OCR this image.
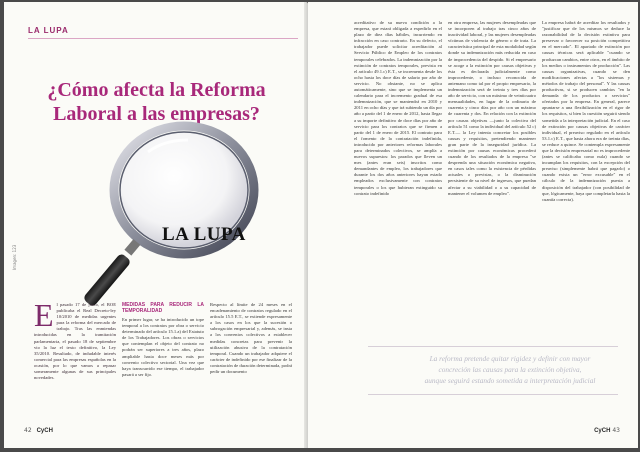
LA LUPA
¿Cómo afecta la Reforma Laboral a las empresas?
Imagen: 123
LA LUPA
E l pasado 17 de junio, el BOE publicaba el Real Decreto-ley 10/2010 de medidas urgentes para la reforma del mercado de trabajo. Tras las enmiendas introducidas en la tramitación parlamentaria, el pasado 18 de septiembre vio la luz el texto definitivo, la Ley 35/2010. Resultado, de indudable interés comercial para las empresas españolas en la ocasión, por lo que vamos a repasar someramente algunas de sus principales novedades.
MEDIDAS PARA REDUCIR LA TEMPORALIDAD
En primer lugar, se ha introducido un tope temporal a los contratos por obra o servicio determinado del artículo 15.1.a) del Estatuto de los Trabajadores. Los obras o servicios que contemplan el objeto del contrato no podrán ser superiores a tres años, plazo ampliable hasta doce meses más por convenio colectivo sectorial. Una vez que haya transcurrido ese tiempo, el trabajador pasará a ser fijo.
Respecto al límite de 24 meses en el encadenamiento de contratos regulado en el artículo 15.5 E.T., se extiende expresamente a los casos en los que la sucesión o subrogación empresarial y, además, se insta a los convenios colectivos a establecer medidas concretas para prevenir la utilización abusiva de la contratación temporal. Cuando un trabajador adquiere el carácter de indefinido por ese finalizar de la contratación de duración determinada, podrá pedir un documento
42 CyCH
acreditativo de su nueva condición a la empresa, que estará obligada a expedirlo en el plazo de diez días hábiles, incurriendo en infracción en caso contrario. En su defecto, el trabajador puede solicitar acreditación al Servicio Público de Empleo de los contratos temporales celebrados. La indemnización por la extinción de contratos temporales, prevista en el artículo 49.1.c) E.T., se incrementa desde los ocho hasta los doce días de salario por año de servicio. No obstante, no se aplica automáticamente, sino que se implementa un calendario para el incremento gradual de esa indemnización, que se mantendrá en 2010 y 2011 en ocho días y que irá subiendo un día por año a partir del 1 de enero de 2012, hasta llegar a su importe definitivo de doce días por año de servicio para los contratos que se firmen a partir del 1 de enero de 2015. El contrato para el fomento de la contratación indefinida, introducido por anteriores reformas laborales para determinados colectivos, se amplía a nuevos supuestos: los parados que lleven un mes (antes eran seis) inscritos como demandantes de empleo, los trabajadores que durante los dos años anteriores hayan estado empleados exclusivamente con contratos temporales o los que hubieran extinguido su contrato indefinido
en otra empresa, las mujeres desempleadas que se incorporen al trabajo tras cinco años de inactividad laboral, y las mujeres desempleadas víctimas de violencia de género o de trata. La característica principal de esta modalidad según donde su indemnización más reducida en caso de improcedencia del despido. Si el empresario se acoge a la extinción por causas objetivas y ésta es declarada judicialmente como improcedente, o incluso reconocida de antemano como tal por el propio empresario, la indemnización será de treinta y tres días por año de servicio, con un máximo de veinticuatro mensualidades, en lugar de la ordinaria de cuarenta y cinco días por año con un máximo de cuarenta y dos. En relación con la extinción por causas objetivas —junto la colectiva del artículo 51 como la individual del artículo 52 c) E.T.— la Ley intenta concretar los posibles causas y requisitos, pretendiendo mantener gran parte de la inseguridad jurídica. La extinción por causas económicas procederá cuando de los resultados de la empresa "se desprenda una situación económica negativa, en casos tales como la existencia de pérdidas actuales o previstas, o la disminución persistente de su nivel de ingresos, que puedan afectar a su viabilidad o a su capacidad de mantener el volumen de empleo".
La empresa habrá de acreditar los resultados y "justificar que de los mismos se deduce la razonabilidad de la decisión extintiva para preservar o favorecer su posición competitiva en el mercado". El apartado de extinción por causas técnicas será aplicable "cuando se produzcan cambios, entre otros, en el ámbito de los medios o instrumentos de producción". Las causas organizativas, cuando se den modificaciones afectas a "los sistemas y métodos de trabajo del personal". Y las causas productivas, si se producen cambios "en la demanda de los productos o servicios" ofertados por la empresa. En general, parece apuntarse a una flexibilización en el rigor de los requisitos, si bien la cuestión seguirá siendo sometida a la interpretación judicial. En el caso de extinción por causas objetivas de carácter individual, el preaviso regulado en el artículo 53.1.c) E.T., que hasta ahora era de treinta días, se reduce a quince. Se contempla expresamente que la decisión empresarial no es improcedente (antes se calificaba como nula) cuando se incumplan los requisitos, con la excepción del preaviso (simplemente habrá que pagarlo) o cuando exista un "error excusable" en el cálculo de la indemnización puesta a disposición del trabajador (con posibilidad de que, lógicamente, haya que completarla hasta la cuantía correcta).
La reforma pretende quitar rigidez y definir con mayor
concreción las causas para la extinción objetiva,
aunque seguirá estando sometida a interpretación judicial
CyCH 43
